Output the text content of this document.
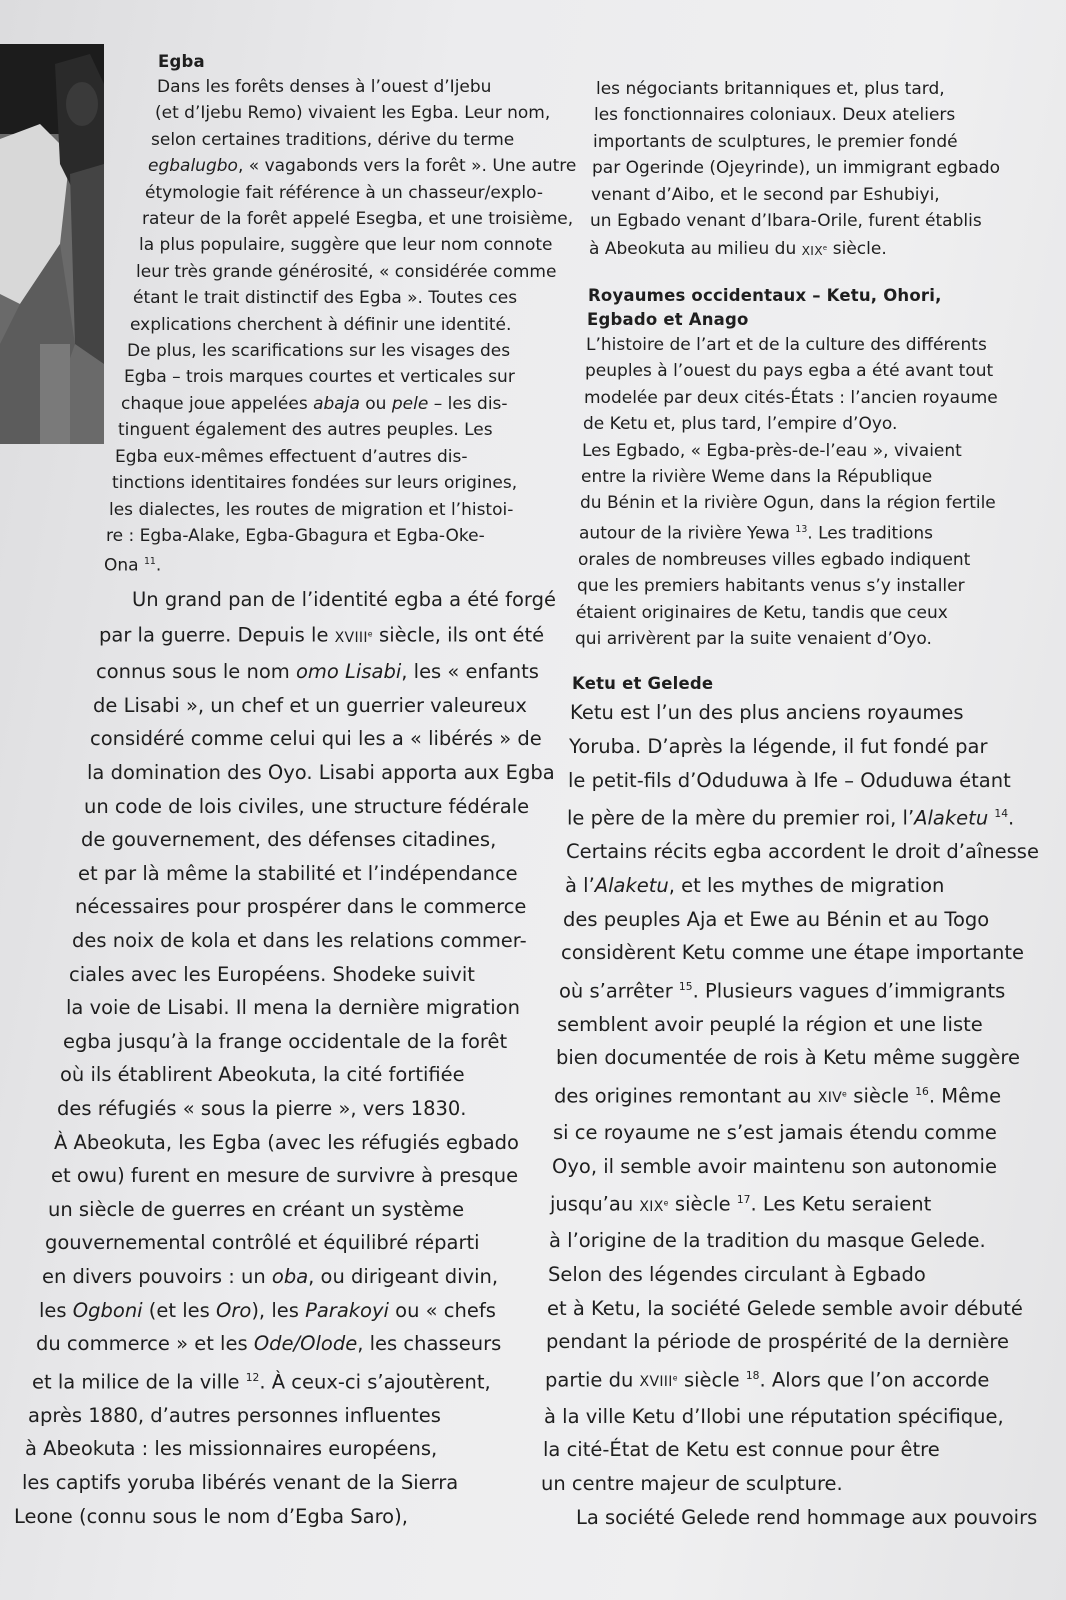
Egba
Dans les forêts denses à l’ouest d’Ijebu
(et d’Ijebu Remo) vivaient les Egba. Leur nom,
selon certaines traditions, dérive du terme
egbalugbo, « vagabonds vers la forêt ». Une autre
étymologie fait référence à un chasseur/explo-
rateur de la forêt appelé Esegba, et une troisième,
la plus populaire, suggère que leur nom connote
leur très grande générosité, « considérée comme
étant le trait distinctif des Egba ». Toutes ces
explications cherchent à définir une identité.
De plus, les scarifications sur les visages des
Egba – trois marques courtes et verticales sur
chaque joue appelées abaja ou pele – les dis-
tinguent également des autres peuples. Les
Egba eux-mêmes effectuent d’autres dis-
tinctions identitaires fondées sur leurs origines,
les dialectes, les routes de migration et l’histoi-
re : Egba-Alake, Egba-Gbagura et Egba-Oke-
Ona $^{11}$.
Un grand pan de l’identité egba a été forgé
par la guerre. Depuis le XVIIIe siècle, ils ont été
connus sous le nom omo Lisabi, les « enfants
de Lisabi », un chef et un guerrier valeureux
considéré comme celui qui les a « libérés » de
la domination des Oyo. Lisabi apporta aux Egba
un code de lois civiles, une structure fédérale
de gouvernement, des défenses citadines,
et par là même la stabilité et l’indépendance
nécessaires pour prospérer dans le commerce
des noix de kola et dans les relations commer-
ciales avec les Européens. Shodeke suivit
la voie de Lisabi. Il mena la dernière migration
egba jusqu’à la frange occidentale de la forêt
où ils établirent Abeokuta, la cité fortifiée
des réfugiés « sous la pierre », vers 1830.
À Abeokuta, les Egba (avec les réfugiés egbado
et owu) furent en mesure de survivre à presque
un siècle de guerres en créant un système
gouvernemental contrôlé et équilibré réparti
en divers pouvoirs : un oba, ou dirigeant divin,
les Ogboni (et les Oro), les Parakoyi ou « chefs
du commerce » et les Ode/Olode, les chasseurs
et la milice de la ville $^{12}$. À ceux-ci s’ajoutèrent,
après 1880, d’autres personnes influentes
à Abeokuta : les missionnaires européens,
les captifs yoruba libérés venant de la Sierra
Leone (connu sous le nom d’Egba Saro),
les négociants britanniques et, plus tard,
les fonctionnaires coloniaux. Deux ateliers
importants de sculptures, le premier fondé
par Ogerinde (Ojeyrinde), un immigrant egbado
venant d’Aibo, et le second par Eshubiyi,
un Egbado venant d’Ibara-Orile, furent établis
à Abeokuta au milieu du XIXe siècle.
Royaumes occidentaux – Ketu, Ohori,
Egbado et Anago
L’histoire de l’art et de la culture des différents
peuples à l’ouest du pays egba a été avant tout
modelée par deux cités-États : l’ancien royaume
de Ketu et, plus tard, l’empire d’Oyo.
Les Egbado, « Egba-près-de-l’eau », vivaient
entre la rivière Weme dans la République
du Bénin et la rivière Ogun, dans la région fertile
autour de la rivière Yewa $^{13}$. Les traditions
orales de nombreuses villes egbado indiquent
que les premiers habitants venus s’y installer
étaient originaires de Ketu, tandis que ceux
qui arrivèrent par la suite venaient d’Oyo.
Ketu et Gelede
Ketu est l’un des plus anciens royaumes
Yoruba. D’après la légende, il fut fondé par
le petit-fils d’Oduduwa à Ife – Oduduwa étant
le père de la mère du premier roi, l’Alaketu $^{14}$.
Certains récits egba accordent le droit d’aînesse
à l’Alaketu, et les mythes de migration
des peuples Aja et Ewe au Bénin et au Togo
considèrent Ketu comme une étape importante
où s’arrêter $^{15}$. Plusieurs vagues d’immigrants
semblent avoir peuplé la région et une liste
bien documentée de rois à Ketu même suggère
des origines remontant au XIVe siècle $^{16}$. Même
si ce royaume ne s’est jamais étendu comme
Oyo, il semble avoir maintenu son autonomie
jusqu’au XIXe siècle $^{17}$. Les Ketu seraient
à l’origine de la tradition du masque Gelede.
Selon des légendes circulant à Egbado
et à Ketu, la société Gelede semble avoir débuté
pendant la période de prospérité de la dernière
partie du XVIIIe siècle $^{18}$. Alors que l’on accorde
à la ville Ketu d’Ilobi une réputation spécifique,
la cité-État de Ketu est connue pour être
un centre majeur de sculpture.
La société Gelede rend hommage aux pouvoirs
